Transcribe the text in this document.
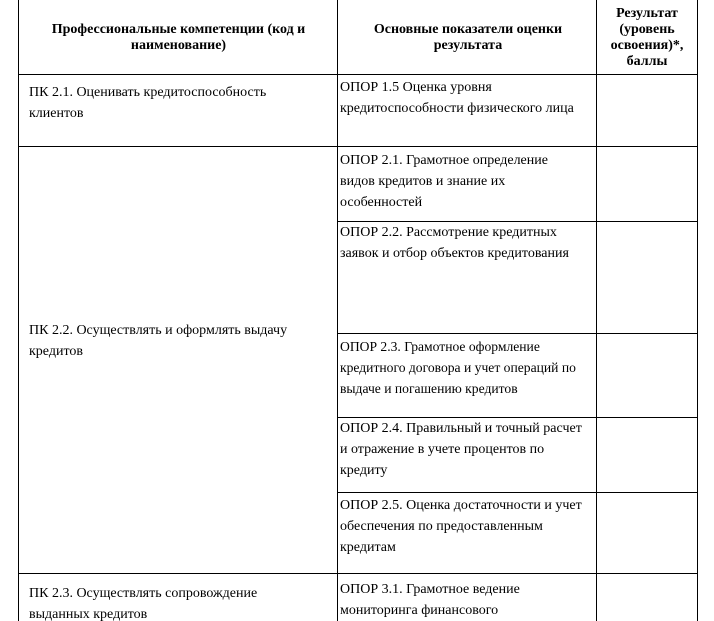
Профессиональные компетенции (код и наименование)
Основные показатели оценки результата
Результат (уровень освоения)*, баллы
ПК 2.1. Оценивать кредитоспособность клиентов
ОПОР 1.5 Оценка уровня кредитоспособности физического лица
ПК 2.2. Осуществлять и оформлять выдачу кредитов
ОПОР 2.1. Грамотное определение видов кредитов и знание их особенностей
ОПОР 2.2. Рассмотрение кредитных заявок и отбор объектов кредитования
ОПОР 2.3. Грамотное оформление кредитного договора и учет операций по выдаче и погашению кредитов
ОПОР 2.4. Правильный и точный расчет и отражение в учете процентов по кредиту
ОПОР 2.5. Оценка достаточности и учет обеспечения по предоставленным кредитам
ПК 2.3. Осуществлять сопровождение выданных кредитов
ОПОР 3.1. Грамотное ведение мониторинга финансового
